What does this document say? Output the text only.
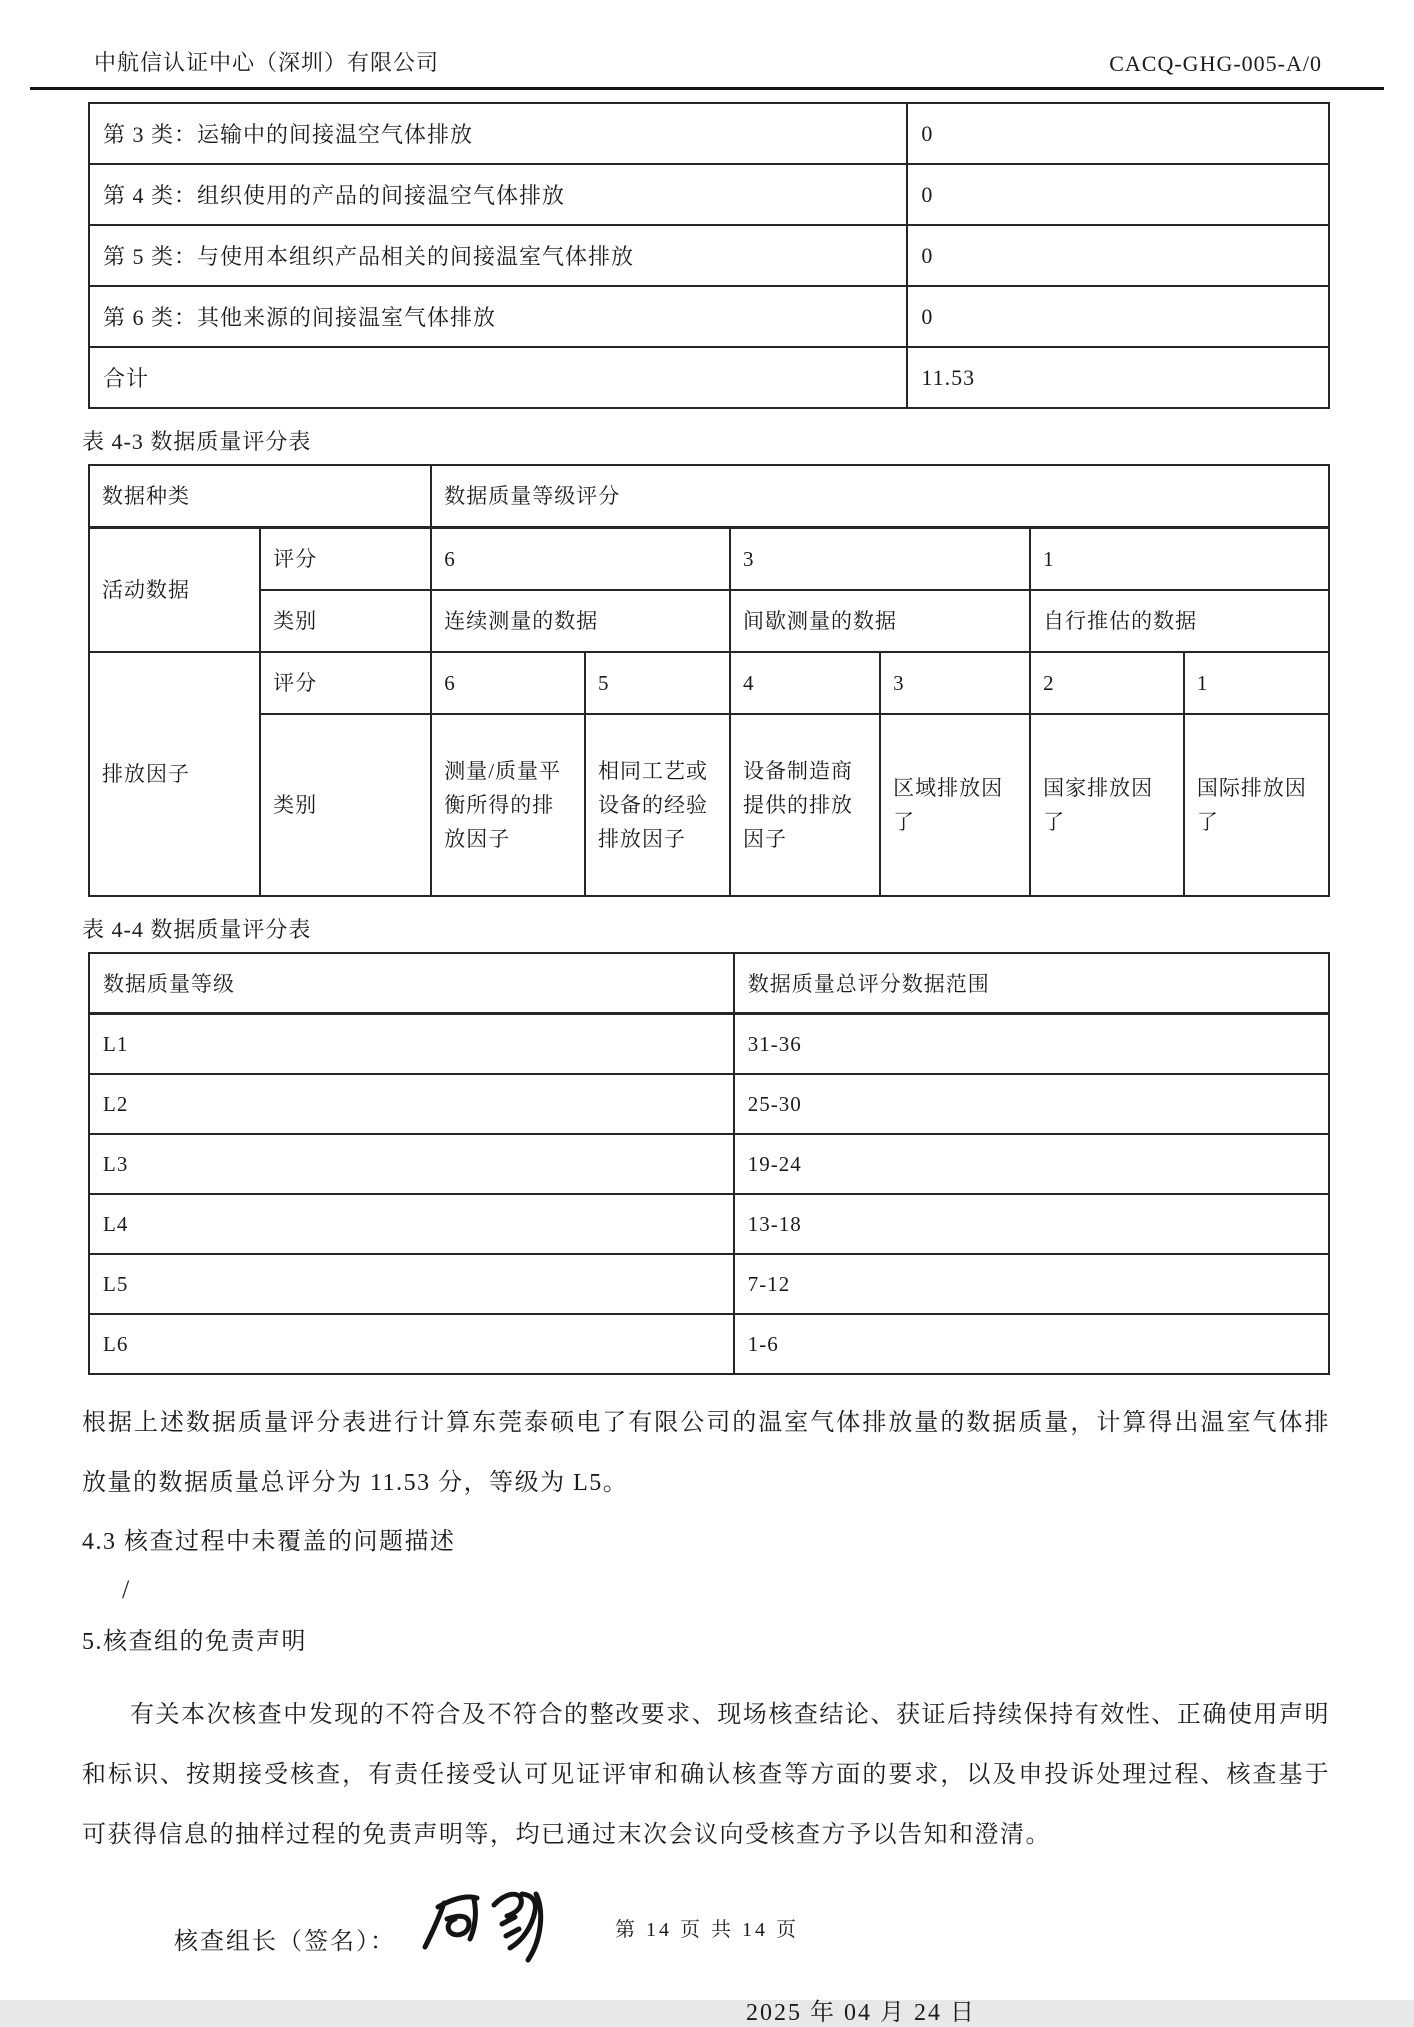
中航信认证中心（深圳）有限公司	CACQ-GHG-005-A/0
第 3 类：运输中的间接温空气体排放	0
第 4 类：组织使用的产品的间接温空气体排放	0
第 5 类：与使用本组织产品相关的间接温室气体排放	0
第 6 类：其他来源的间接温室气体排放	0
合计	11.53
表 4-3 数据质量评分表
数据种类		数据质量等级评分					
活动数据	评分	6		3		1	
	类别	连续测量的数据		间歇测量的数据		自行推估的数据	
排放因子	评分	6	5	4	3	2	1
	类别	测量/质量平衡所得的排放因子	相同工艺或设备的经验排放因子	设备制造商提供的排放因子	区域排放因了	国家排放因了	国际排放因了
表 4-4 数据质量评分表
数据质量等级	数据质量总评分数据范围
L1	31-36
L2	25-30
L3	19-24
L4	13-18
L5	7-12
L6	1-6
根据上述数据质量评分表进行计算东莞泰硕电了有限公司的温室气体排放量的数据质量，计算得出温室气体排放量的数据质量总评分为 11.53 分，等级为 L5。
4.3 核查过程中未覆盖的问题描述
/
5.核查组的免责声明
有关本次核查中发现的不符合及不符合的整改要求、现场核查结论、获证后持续保持有效性、正确使用声明和标识、按期接受核查，有责任接受认可见证评审和确认核查等方面的要求，以及申投诉处理过程、核查基于可获得信息的抽样过程的免责声明等，均已通过末次会议向受核查方予以告知和澄清。
核查组长（签名）：
2025 年 04 月 24 日
第 14 页 共 14 页
